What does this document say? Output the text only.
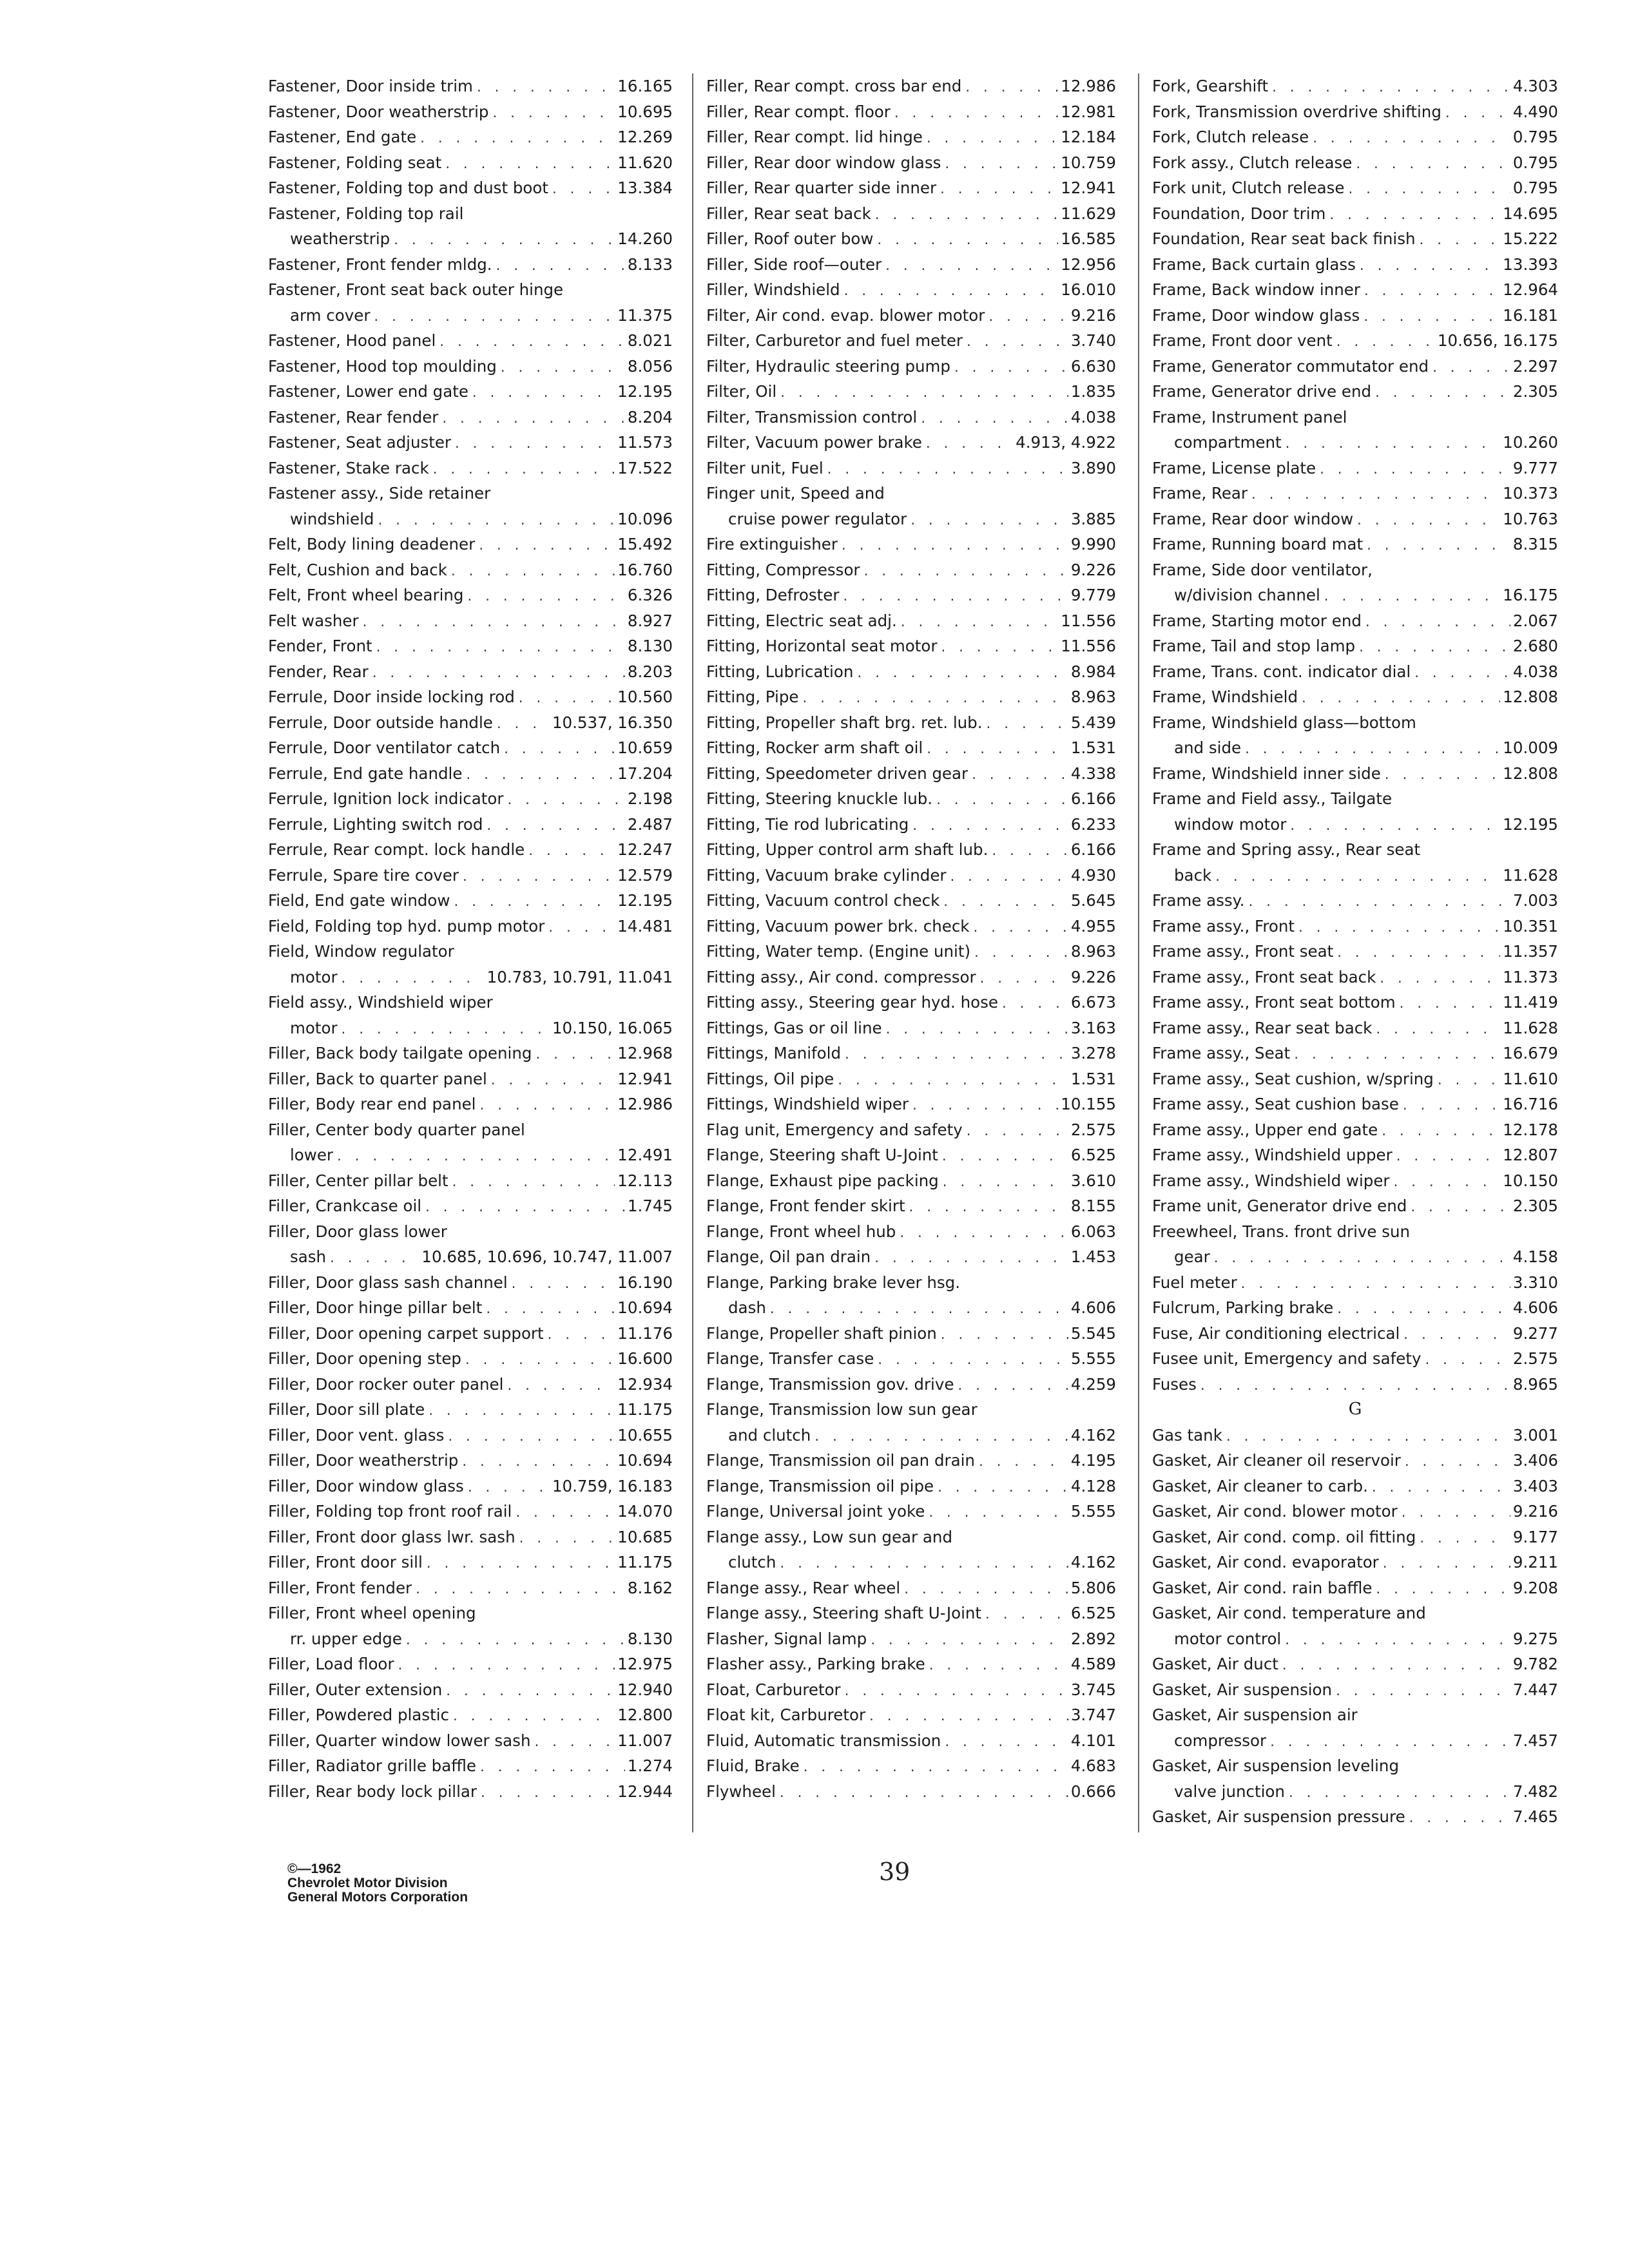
Fastener, Door inside trim . . .	16.165
Fastener, Door weatherstrip . . .	10.695
Fastener, End gate . . .	12.269
Fastener, Folding seat . . .	11.620
Fastener, Folding top and dust boot . . .	13.384
Fastener, Folding top rail
weatherstrip . . .	14.260
Fastener, Front fender mldg. . . .	8.133
Fastener, Front seat back outer hinge
arm cover . . .	11.375
Fastener, Hood panel . . .	8.021
Fastener, Hood top moulding . . .	8.056
Fastener, Lower end gate . . .	12.195
Fastener, Rear fender . . .	8.204
Fastener, Seat adjuster . . .	11.573
Fastener, Stake rack . . .	17.522
Fastener assy., Side retainer
windshield . . .	10.096
Felt, Body lining deadener . . .	15.492
Felt, Cushion and back . . .	16.760
Felt, Front wheel bearing . . .	6.326
Felt washer . . .	8.927
Fender, Front . . .	8.130
Fender, Rear . . .	8.203
Ferrule, Door inside locking rod . . .	10.560
Ferrule, Door outside handle . . .	10.537, 16.350
Ferrule, Door ventilator catch . . .	10.659
Ferrule, End gate handle . . .	17.204
Ferrule, Ignition lock indicator . . .	2.198
Ferrule, Lighting switch rod . . .	2.487
Ferrule, Rear compt. lock handle . . .	12.247
Ferrule, Spare tire cover . . .	12.579
Field, End gate window . . .	12.195
Field, Folding top hyd. pump motor . . .	14.481
Field, Window regulator
motor . . .	10.783, 10.791, 11.041
Field assy., Windshield wiper
motor . . .	10.150, 16.065
Filler, Back body tailgate opening . . .	12.968
Filler, Back to quarter panel . . .	12.941
Filler, Body rear end panel . . .	12.986
Filler, Center body quarter panel
lower . . .	12.491
Filler, Center pillar belt . . .	12.113
Filler, Crankcase oil . . .	1.745
Filler, Door glass lower
sash . . .	10.685, 10.696, 10.747, 11.007
Filler, Door glass sash channel . . .	16.190
Filler, Door hinge pillar belt . . .	10.694
Filler, Door opening carpet support . . .	11.176
Filler, Door opening step . . .	16.600
Filler, Door rocker outer panel . . .	12.934
Filler, Door sill plate . . .	11.175
Filler, Door vent. glass . . .	10.655
Filler, Door weatherstrip . . .	10.694
Filler, Door window glass . . .	10.759, 16.183
Filler, Folding top front roof rail . . .	14.070
Filler, Front door glass lwr. sash . . .	10.685
Filler, Front door sill . . .	11.175
Filler, Front fender . . .	8.162
Filler, Front wheel opening
rr. upper edge . . .	8.130
Filler, Load floor . . .	12.975
Filler, Outer extension . . .	12.940
Filler, Powdered plastic . . .	12.800
Filler, Quarter window lower sash . . .	11.007
Filler, Radiator grille baffle . . .	1.274
Filler, Rear body lock pillar . . .	12.944
Filler, Rear compt. cross bar end . . .	12.986
Filler, Rear compt. floor . . .	12.981
Filler, Rear compt. lid hinge . . .	12.184
Filler, Rear door window glass . . .	10.759
Filler, Rear quarter side inner . . .	12.941
Filler, Rear seat back . . .	11.629
Filler, Roof outer bow . . .	16.585
Filler, Side roof—outer . . .	12.956
Filler, Windshield . . .	16.010
Filter, Air cond. evap. blower motor . . .	9.216
Filter, Carburetor and fuel meter . . .	3.740
Filter, Hydraulic steering pump . . .	6.630
Filter, Oil . . .	1.835
Filter, Transmission control . . .	4.038
Filter, Vacuum power brake . . .	4.913, 4.922
Filter unit, Fuel . . .	3.890
Finger unit, Speed and
cruise power regulator . . .	3.885
Fire extinguisher . . .	9.990
Fitting, Compressor . . .	9.226
Fitting, Defroster . . .	9.779
Fitting, Electric seat adj. . . .	11.556
Fitting, Horizontal seat motor . . .	11.556
Fitting, Lubrication . . .	8.984
Fitting, Pipe . . .	8.963
Fitting, Propeller shaft brg. ret. lub. . . .	5.439
Fitting, Rocker arm shaft oil . . .	1.531
Fitting, Speedometer driven gear . . .	4.338
Fitting, Steering knuckle lub. . . .	6.166
Fitting, Tie rod lubricating . . .	6.233
Fitting, Upper control arm shaft lub. . . .	6.166
Fitting, Vacuum brake cylinder . . .	4.930
Fitting, Vacuum control check . . .	5.645
Fitting, Vacuum power brk. check . . .	4.955
Fitting, Water temp. (Engine unit) . . .	8.963
Fitting assy., Air cond. compressor . . .	9.226
Fitting assy., Steering gear hyd. hose . . .	6.673
Fittings, Gas or oil line . . .	3.163
Fittings, Manifold . . .	3.278
Fittings, Oil pipe . . .	1.531
Fittings, Windshield wiper . . .	10.155
Flag unit, Emergency and safety . . .	2.575
Flange, Steering shaft U-Joint . . .	6.525
Flange, Exhaust pipe packing . . .	3.610
Flange, Front fender skirt . . .	8.155
Flange, Front wheel hub . . .	6.063
Flange, Oil pan drain . . .	1.453
Flange, Parking brake lever hsg.
dash . . .	4.606
Flange, Propeller shaft pinion . . .	5.545
Flange, Transfer case . . .	5.555
Flange, Transmission gov. drive . . .	4.259
Flange, Transmission low sun gear
and clutch . . .	4.162
Flange, Transmission oil pan drain . . .	4.195
Flange, Transmission oil pipe . . .	4.128
Flange, Universal joint yoke . . .	5.555
Flange assy., Low sun gear and
clutch . . .	4.162
Flange assy., Rear wheel . . .	5.806
Flange assy., Steering shaft U-Joint . . .	6.525
Flasher, Signal lamp . . .	2.892
Flasher assy., Parking brake . . .	4.589
Float, Carburetor . . .	3.745
Float kit, Carburetor . . .	3.747
Fluid, Automatic transmission . . .	4.101
Fluid, Brake . . .	4.683
Flywheel . . .	0.666
Fork, Gearshift . . .	4.303
Fork, Transmission overdrive shifting . . .	4.490
Fork, Clutch release . . .	0.795
Fork assy., Clutch release . . .	0.795
Fork unit, Clutch release . . .	0.795
Foundation, Door trim . . .	14.695
Foundation, Rear seat back finish . . .	15.222
Frame, Back curtain glass . . .	13.393
Frame, Back window inner . . .	12.964
Frame, Door window glass . . .	16.181
Frame, Front door vent . . .	10.656, 16.175
Frame, Generator commutator end . . .	2.297
Frame, Generator drive end . . .	2.305
Frame, Instrument panel
compartment . . .	10.260
Frame, License plate . . .	9.777
Frame, Rear . . .	10.373
Frame, Rear door window . . .	10.763
Frame, Running board mat . . .	8.315
Frame, Side door ventilator,
w/division channel . . .	16.175
Frame, Starting motor end . . .	2.067
Frame, Tail and stop lamp . . .	2.680
Frame, Trans. cont. indicator dial . . .	4.038
Frame, Windshield . . .	12.808
Frame, Windshield glass—bottom
and side . . .	10.009
Frame, Windshield inner side . . .	12.808
Frame and Field assy., Tailgate
window motor . . .	12.195
Frame and Spring assy., Rear seat
back . . .	11.628
Frame assy. . . .	7.003
Frame assy., Front . . .	10.351
Frame assy., Front seat . . .	11.357
Frame assy., Front seat back . . .	11.373
Frame assy., Front seat bottom . . .	11.419
Frame assy., Rear seat back . . .	11.628
Frame assy., Seat . . .	16.679
Frame assy., Seat cushion, w/spring . . .	11.610
Frame assy., Seat cushion base . . .	16.716
Frame assy., Upper end gate . . .	12.178
Frame assy., Windshield upper . . .	12.807
Frame assy., Windshield wiper . . .	10.150
Frame unit, Generator drive end . . .	2.305
Freewheel, Trans. front drive sun
gear . . .	4.158
Fuel meter . . .	3.310
Fulcrum, Parking brake . . .	4.606
Fuse, Air conditioning electrical . . .	9.277
Fusee unit, Emergency and safety . . .	2.575
Fuses . . .	8.965
G
Gas tank . . .	3.001
Gasket, Air cleaner oil reservoir . . .	3.406
Gasket, Air cleaner to carb. . . .	3.403
Gasket, Air cond. blower motor . . .	9.216
Gasket, Air cond. comp. oil fitting . . .	9.177
Gasket, Air cond. evaporator . . .	9.211
Gasket, Air cond. rain baffle . . .	9.208
Gasket, Air cond. temperature and
motor control . . .	9.275
Gasket, Air duct . . .	9.782
Gasket, Air suspension . . .	7.447
Gasket, Air suspension air
compressor . . .	7.457
Gasket, Air suspension leveling
valve junction . . .	7.482
Gasket, Air suspension pressure . . .	7.465
©—1962
Chevrolet Motor Division
General Motors Corporation
39
